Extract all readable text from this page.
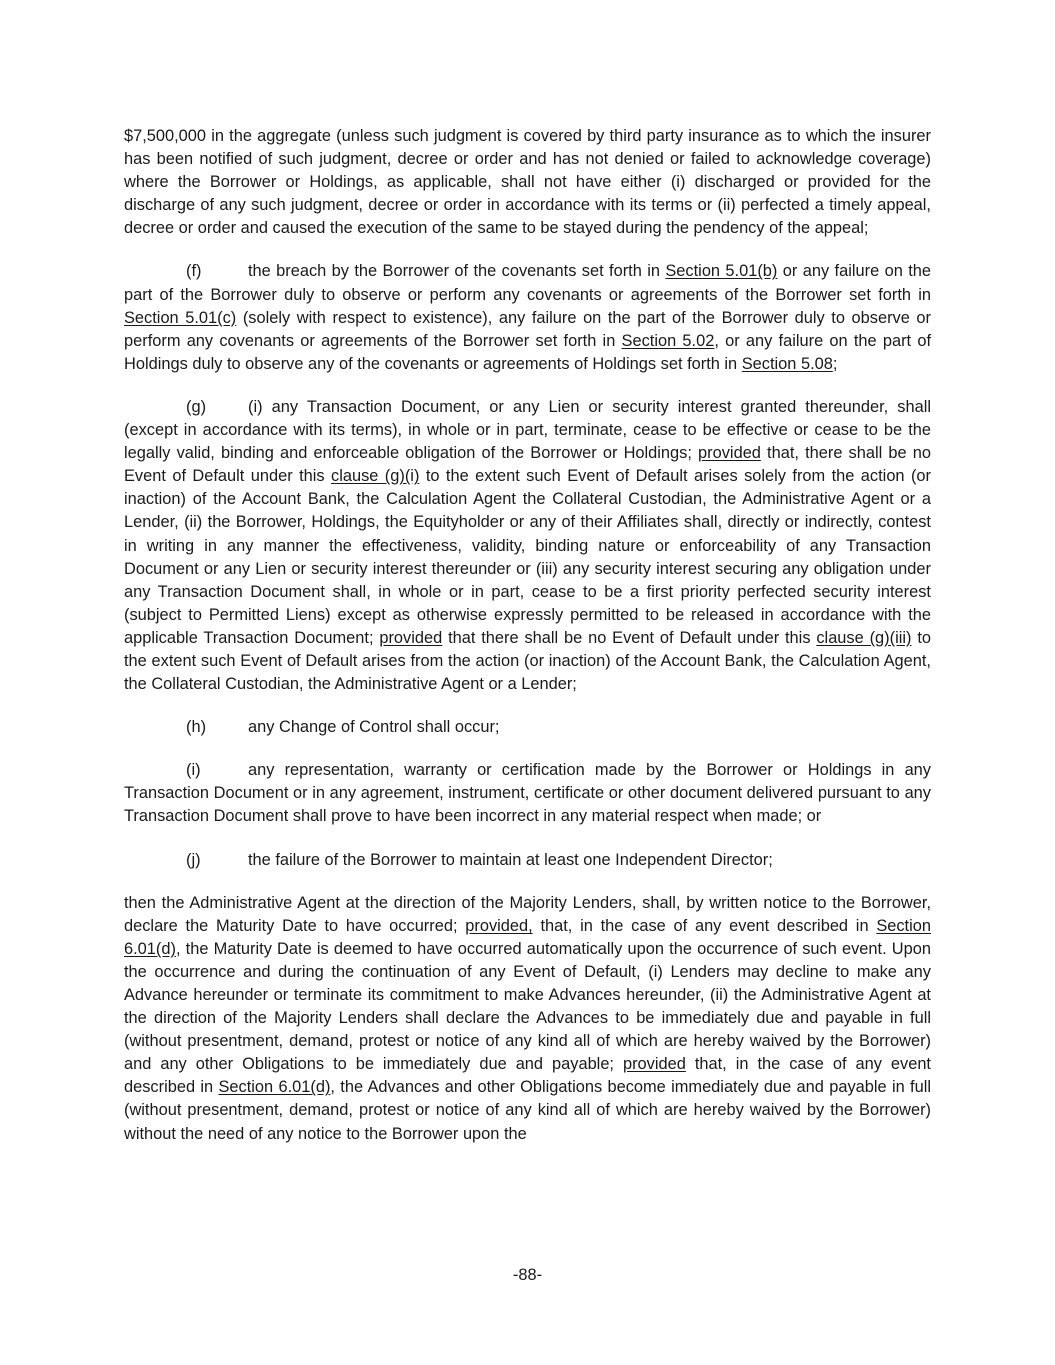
$7,500,000 in the aggregate (unless such judgment is covered by third party insurance as to which the insurer has been notified of such judgment, decree or order and has not denied or failed to acknowledge coverage) where the Borrower or Holdings, as applicable, shall not have either (i) discharged or provided for the discharge of any such judgment, decree or order in accordance with its terms or (ii) perfected a timely appeal, decree or order and caused the execution of the same to be stayed during the pendency of the appeal;

(f)	the breach by the Borrower of the covenants set forth in Section 5.01(b) or any failure on the part of the Borrower duly to observe or perform any covenants or agreements of the Borrower set forth in Section 5.01(c) (solely with respect to existence), any failure on the part of the Borrower duly to observe or perform any covenants or agreements of the Borrower set forth in Section 5.02, or any failure on the part of Holdings duly to observe any of the covenants or agreements of Holdings set forth in Section 5.08;

(g)	(i) any Transaction Document, or any Lien or security interest granted thereunder, shall (except in accordance with its terms), in whole or in part, terminate, cease to be effective or cease to be the legally valid, binding and enforceable obligation of the Borrower or Holdings; provided that, there shall be no Event of Default under this clause (g)(i) to the extent such Event of Default arises solely from the action (or inaction) of the Account Bank, the Calculation Agent the Collateral Custodian, the Administrative Agent or a Lender, (ii) the Borrower, Holdings, the Equityholder or any of their Affiliates shall, directly or indirectly, contest in writing in any manner the effectiveness, validity, binding nature or enforceability of any Transaction Document or any Lien or security interest thereunder or (iii) any security interest securing any obligation under any Transaction Document shall, in whole or in part, cease to be a first priority perfected security interest (subject to Permitted Liens) except as otherwise expressly permitted to be released in accordance with the applicable Transaction Document; provided that there shall be no Event of Default under this clause (g)(iii) to the extent such Event of Default arises from the action (or inaction) of the Account Bank, the Calculation Agent, the Collateral Custodian, the Administrative Agent or a Lender;

(h)	any Change of Control shall occur;

(i)	any representation, warranty or certification made by the Borrower or Holdings in any Transaction Document or in any agreement, instrument, certificate or other document delivered pursuant to any Transaction Document shall prove to have been incorrect in any material respect when made; or

(j)	the failure of the Borrower to maintain at least one Independent Director;

then the Administrative Agent at the direction of the Majority Lenders, shall, by written notice to the Borrower, declare the Maturity Date to have occurred; provided, that, in the case of any event described in Section 6.01(d), the Maturity Date is deemed to have occurred automatically upon the occurrence of such event. Upon the occurrence and during the continuation of any Event of Default, (i) Lenders may decline to make any Advance hereunder or terminate its commitment to make Advances hereunder, (ii) the Administrative Agent at the direction of the Majority Lenders shall declare the Advances to be immediately due and payable in full (without presentment, demand, protest or notice of any kind all of which are hereby waived by the Borrower) and any other Obligations to be immediately due and payable; provided that, in the case of any event described in Section 6.01(d), the Advances and other Obligations become immediately due and payable in full (without presentment, demand, protest or notice of any kind all of which are hereby waived by the Borrower) without the need of any notice to the Borrower upon the

-88-
